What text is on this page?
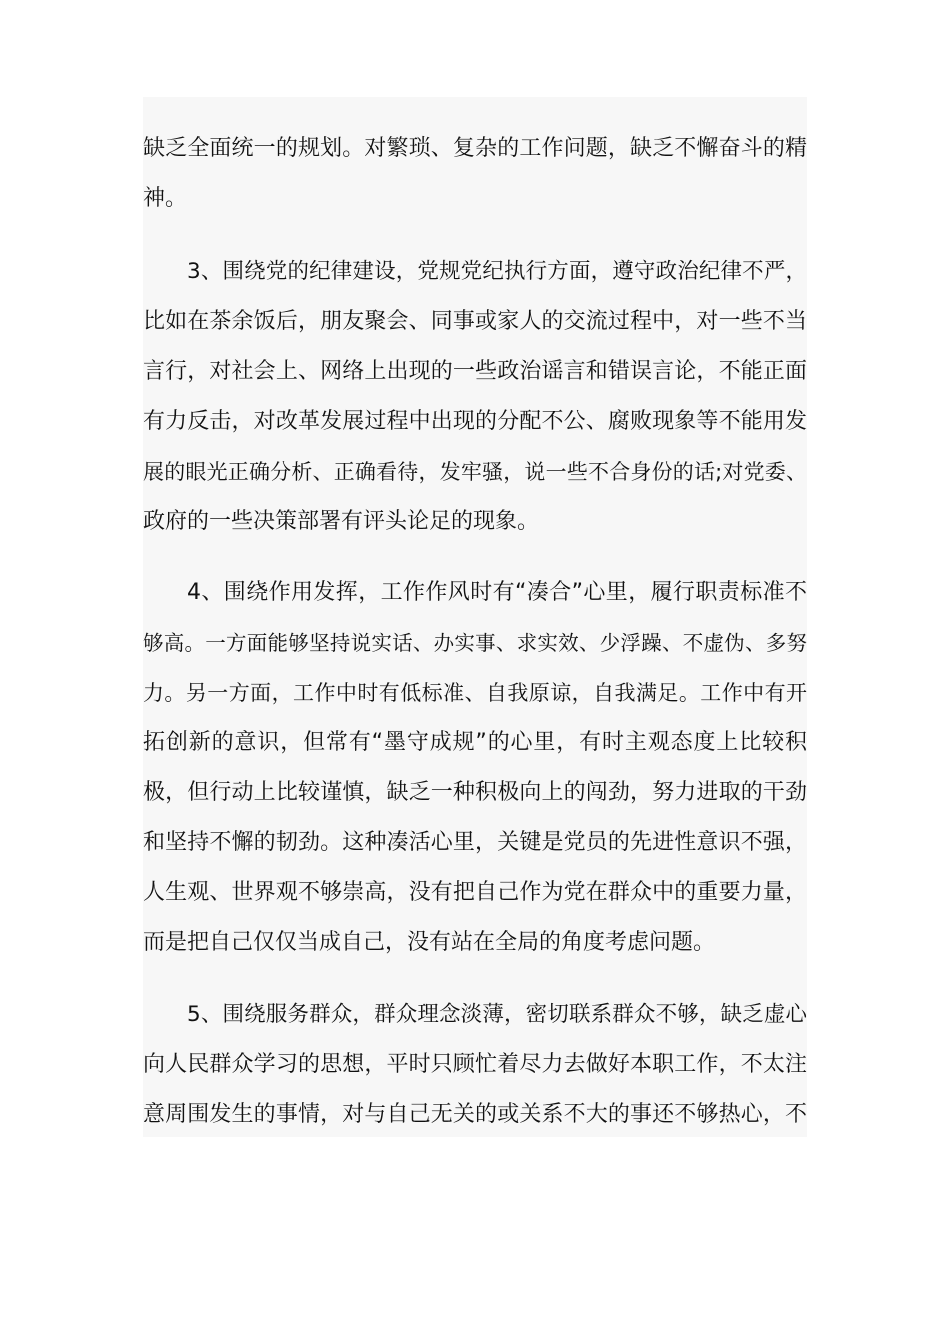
缺乏全面统一的规划。对繁琐、复杂的工作问题，缺乏不懈奋斗的精
神。
3、围绕党的纪律建设，党规党纪执行方面，遵守政治纪律不严，
比如在茶余饭后，朋友聚会、同事或家人的交流过程中，对一些不当
言行，对社会上、网络上出现的一些政治谣言和错误言论，不能正面
有力反击，对改革发展过程中出现的分配不公、腐败现象等不能用发
展的眼光正确分析、正确看待，发牢骚，说一些不合身份的话;对党委、
政府的一些决策部署有评头论足的现象。
4、围绕作用发挥，工作作风时有“凑合”心里，履行职责标准不
够高。一方面能够坚持说实话、办实事、求实效、少浮躁、不虚伪、多努
力。另一方面，工作中时有低标准、自我原谅，自我满足。工作中有开
拓创新的意识，但常有“墨守成规”的心里，有时主观态度上比较积
极，但行动上比较谨慎，缺乏一种积极向上的闯劲，努力进取的干劲
和坚持不懈的韧劲。这种凑活心里，关键是党员的先进性意识不强，
人生观、世界观不够崇高，没有把自己作为党在群众中的重要力量，
而是把自己仅仅当成自己，没有站在全局的角度考虑问题。
5、围绕服务群众，群众理念淡薄，密切联系群众不够，缺乏虚心
向人民群众学习的思想，平时只顾忙着尽力去做好本职工作，不太注
意周围发生的事情，对与自己无关的或关系不大的事还不够热心，不
